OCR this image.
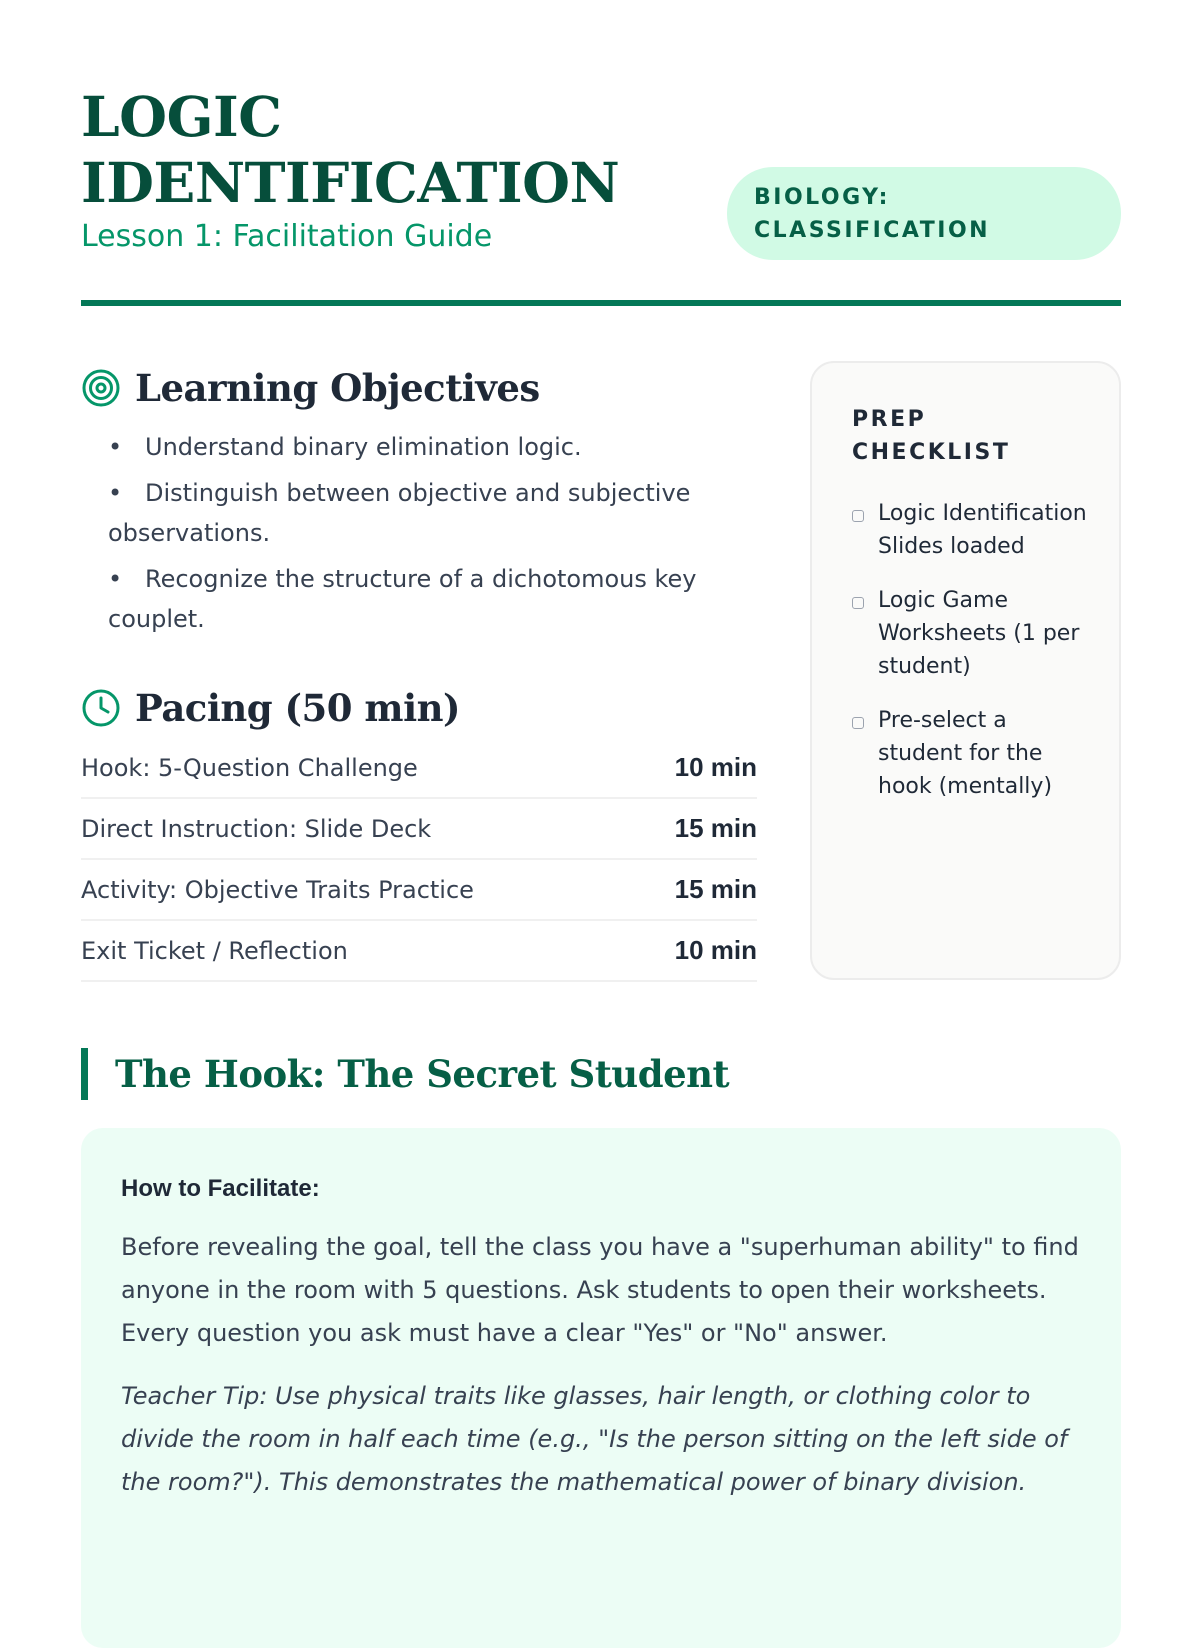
LOGIC
IDENTIFICATION
Lesson 1: Facilitation Guide
BIOLOGY: CLASSIFICATION
Learning Objectives
• Understand binary elimination logic.
• Distinguish between objective and subjective observations.
• Recognize the structure of a dichotomous key couplet.
Pacing (50 min)
Hook: 5-Question Challenge	10 min
Direct Instruction: Slide Deck	15 min
Activity: Objective Traits Practice	15 min
Exit Ticket / Reflection	10 min
PREP CHECKLIST
Logic Identification Slides loaded
Logic Game Worksheets (1 per student)
Pre-select a student for the hook (mentally)
The Hook: The Secret Student

How to Facilitate:

Before revealing the goal, tell the class you have a "superhuman ability" to find anyone in the room with 5 questions. Ask students to open their worksheets. Every question you ask must have a clear "Yes" or "No" answer.

Teacher Tip: Use physical traits like glasses, hair length, or clothing color to divide the room in half each time (e.g., "Is the person sitting on the left side of the room?"). This demonstrates the mathematical power of binary division.
